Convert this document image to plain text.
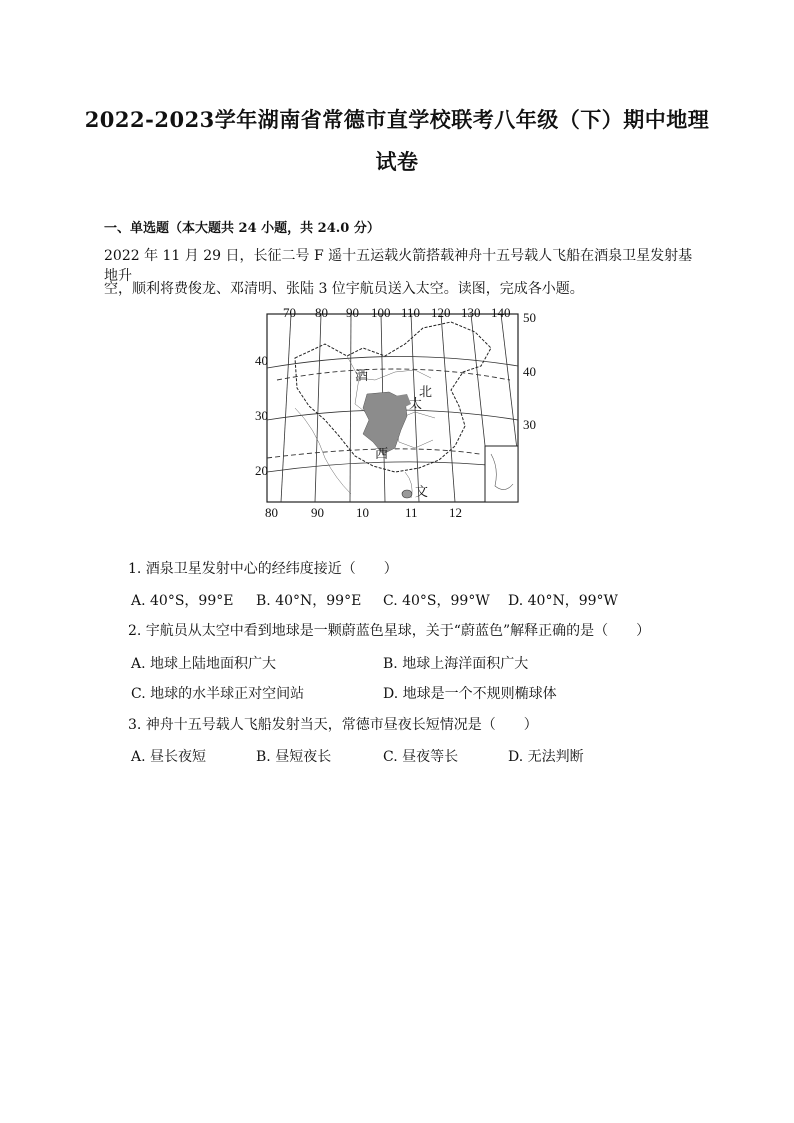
2022-2023学年湖南省常德市直学校联考八年级（下）期中地理
试卷
一、单选题（本大题共 24 小题，共 24.0 分）
2022 年 11 月 29 日，长征二号 F 遥十五运载火箭搭载神舟十五号载人飞船在酒泉卫星发射基地升
空，顺利将费俊龙、邓清明、张陆 3 位宇航员送入太空。读图，完成各小题。
70 80 90 100 110 120 130 140
80	90 10	11 12
40
30
20
50
40
30
酒
北
太
西
文
1. 酒泉卫星发射中心的经纬度接近（　　）
A. 40°S，99°E B. 40°N，99°E C. 40°S，99°W D. 40°N，99°W
2. 宇航员从太空中看到地球是一颗蔚蓝色星球，关于“蔚蓝色”解释正确的是（　　）
A. 地球上陆地面积广大	B. 地球上海洋面积广大
C. 地球的水半球正对空间站	D. 地球是一个不规则椭球体
3. 神舟十五号载人飞船发射当天，常德市昼夜长短情况是（　　）
A. 昼长夜短	B. 昼短夜长	C. 昼夜等长	D. 无法判断
